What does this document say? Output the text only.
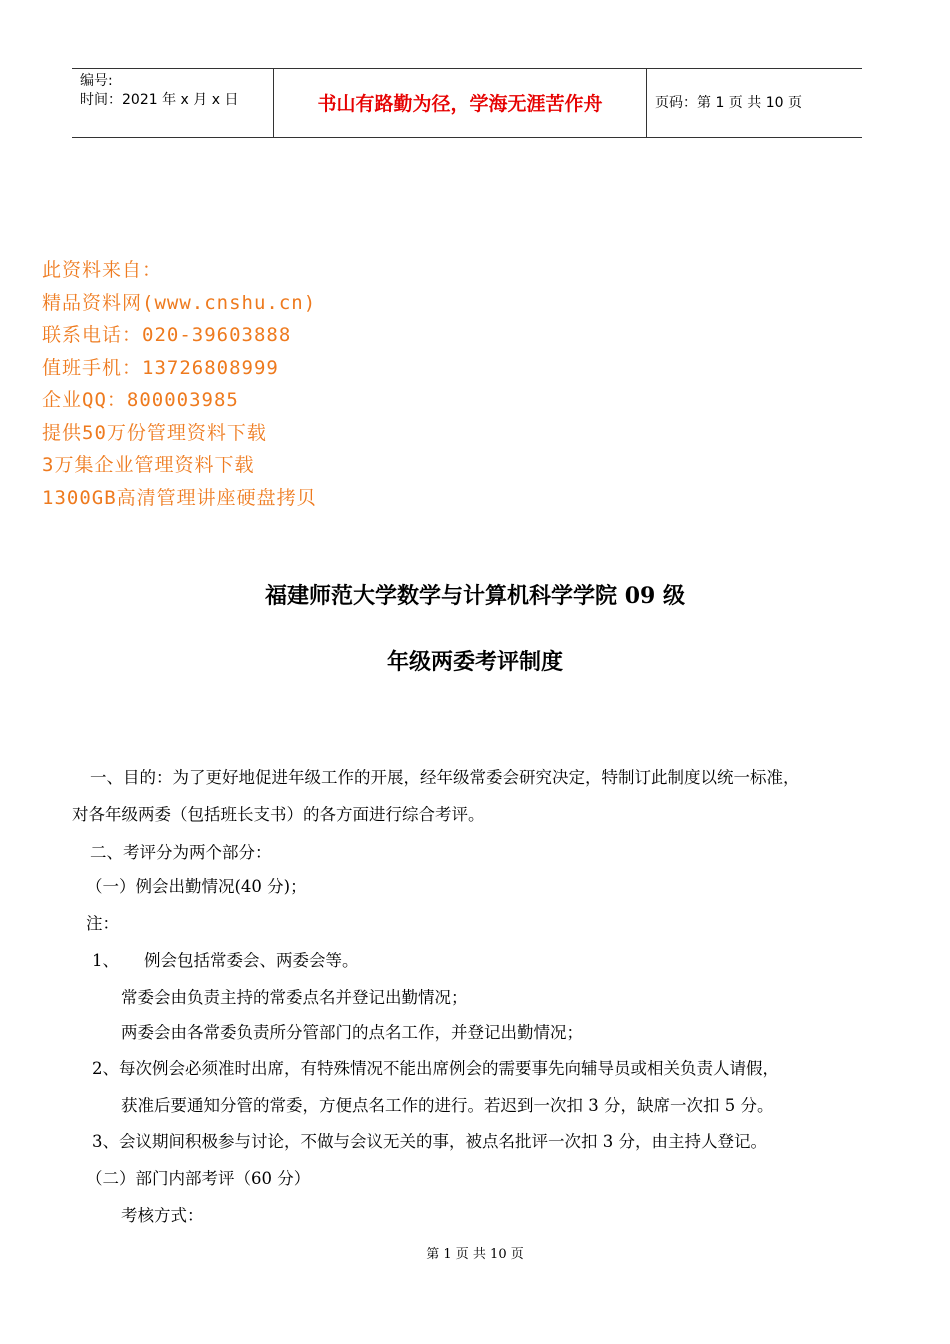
编号:
时间：2021 年 x 月 x 日	书山有路勤为径，学海无涯苦作舟	页码：第 1 页 共 10 页
此资料来自：
精品资料网(www.cnshu.cn)
联系电话：020-39603888
值班手机：13726808999
企业QQ：800003985
提供50万份管理资料下载
3万集企业管理资料下载
1300GB高清管理讲座硬盘拷贝
福建师范大学数学与计算机科学学院 09 级
年级两委考评制度
一、目的：为了更好地促进年级工作的开展，经年级常委会研究决定，特制订此制度以统一标准，
对各年级两委（包括班长支书）的各方面进行综合考评。
二、考评分为两个部分：
（一）例会出勤情况(40 分)；
注：
1、 例会包括常委会、两委会等。
常委会由负责主持的常委点名并登记出勤情况；
两委会由各常委负责所分管部门的点名工作，并登记出勤情况；
2、每次例会必须准时出席，有特殊情况不能出席例会的需要事先向辅导员或相关负责人请假，
获准后要通知分管的常委，方便点名工作的进行。若迟到一次扣 3 分，缺席一次扣 5 分。
3、会议期间积极参与讨论，不做与会议无关的事，被点名批评一次扣 3 分，由主持人登记。
（二）部门内部考评（60 分）
考核方式：
第 1 页 共 10 页
